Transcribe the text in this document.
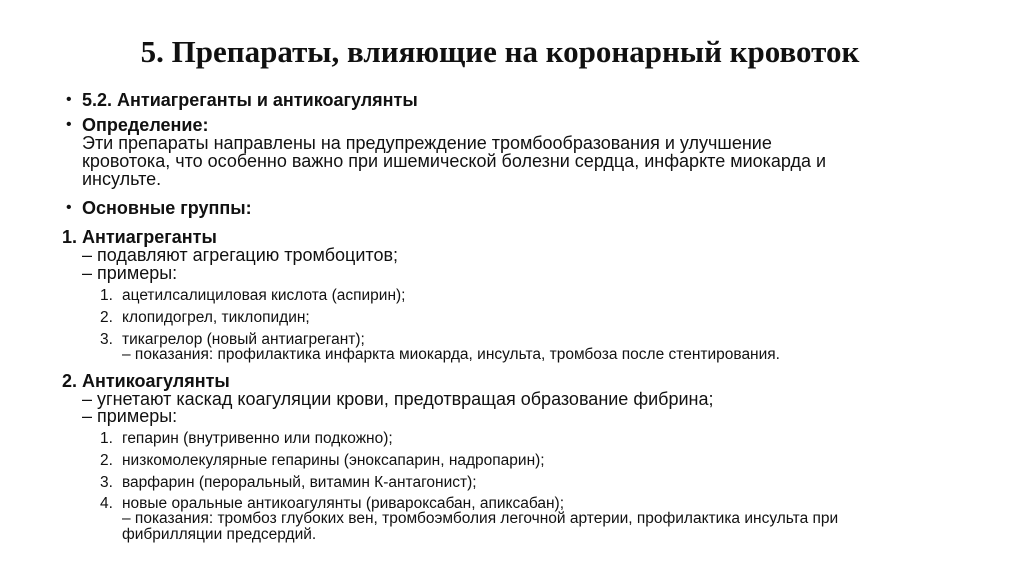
5. Препараты, влияющие на коронарный кровоток
• 5.2. Антиагреганты и антикоагулянты
• Определение:
Эти препараты направлены на предупреждение тромбообразования и улучшение
кровотока, что особенно важно при ишемической болезни сердца, инфаркте миокарда и
инсульте.
• Основные группы:
1. Антиагреганты
– подавляют агрегацию тромбоцитов;
– примеры:
1. ацетилсалициловая кислота (аспирин);
2. клопидогрел, тиклопидин;
3. тикагрелор (новый антиагрегант);
– показания: профилактика инфаркта миокарда, инсульта, тромбоза после стентирования.
2. Антикоагулянты
– угнетают каскад коагуляции крови, предотвращая образование фибрина;
– примеры:
1. гепарин (внутривенно или подкожно);
2. низкомолекулярные гепарины (эноксапарин, надропарин);
3. варфарин (пероральный, витамин К-антагонист);
4. новые оральные антикоагулянты (ривароксабан, апиксабан);
– показания: тромбоз глубоких вен, тромбоэмболия легочной артерии, профилактика инсульта при
фибрилляции предсердий.
